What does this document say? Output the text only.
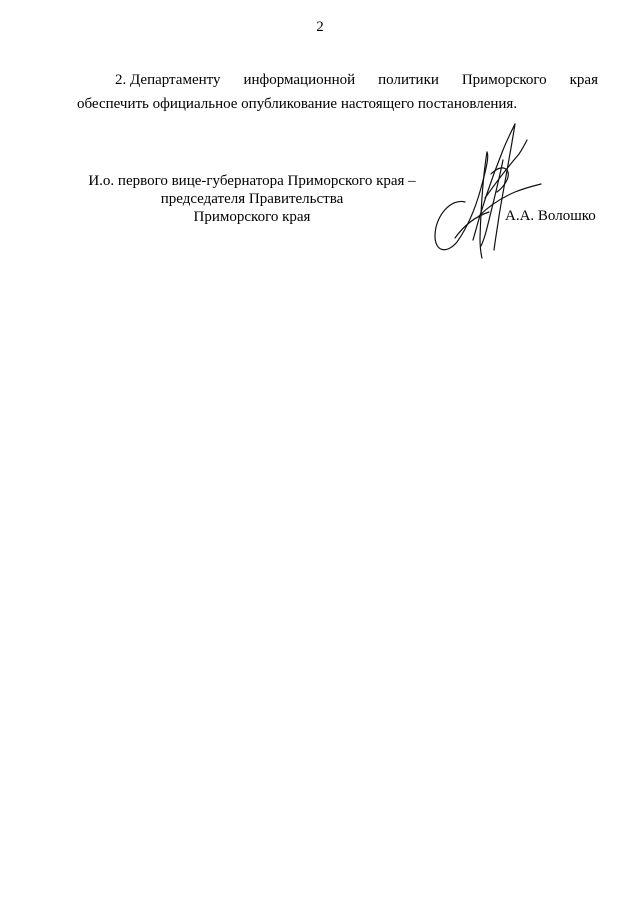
2
2. Департаменту информационной политики Приморского края
обеспечить официальное опубликование настоящего постановления.
И.о. первого вице-губернатора Приморского края –
председателя Правительства
Приморского края	А.А. Волошко
